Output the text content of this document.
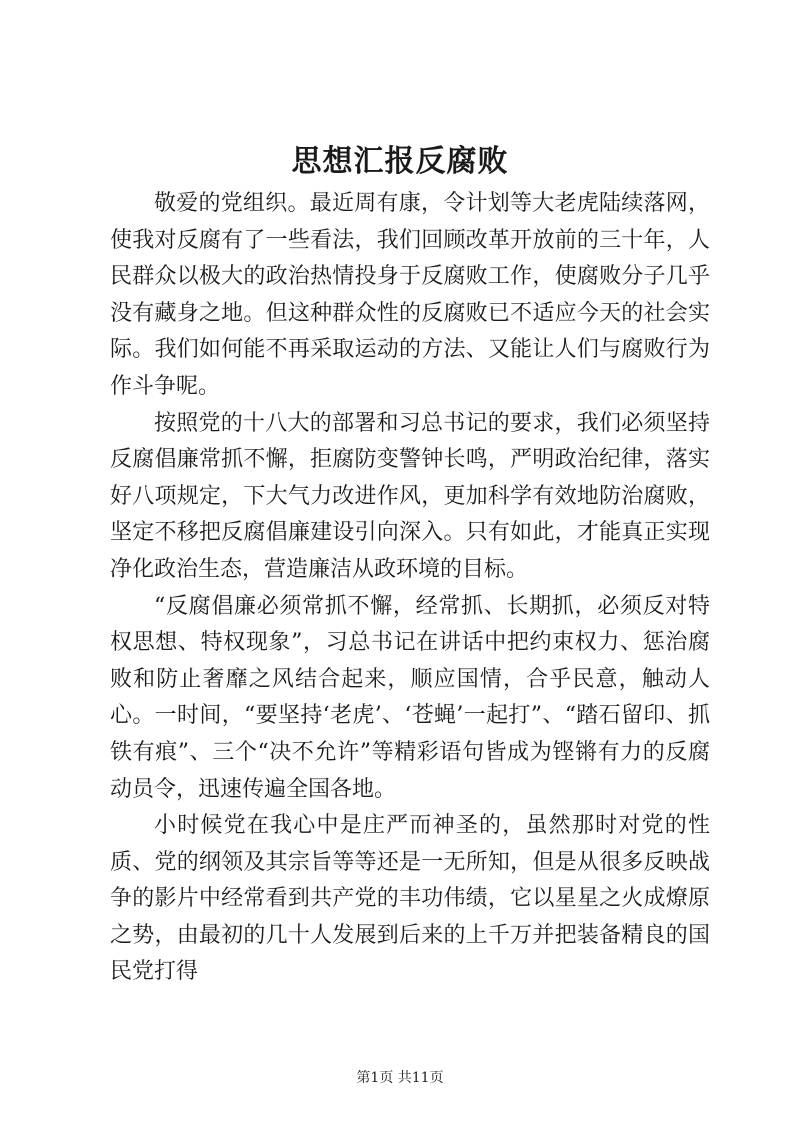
思想汇报反腐败

敬爱的党组织。最近周有康，令计划等大老虎陆续落网，使我对反腐有了一些看法，我们回顾改革开放前的三十年，人民群众以极大的政治热情投身于反腐败工作，使腐败分子几乎没有藏身之地。但这种群众性的反腐败已不适应今天的社会实际。我们如何能不再采取运动的方法、又能让人们与腐败行为作斗争呢。

按照党的十八大的部署和习总书记的要求，我们必须坚持反腐倡廉常抓不懈，拒腐防变警钟长鸣，严明政治纪律，落实好八项规定，下大气力改进作风，更加科学有效地防治腐败，坚定不移把反腐倡廉建设引向深入。只有如此，才能真正实现净化政治生态，营造廉洁从政环境的目标。

“反腐倡廉必须常抓不懈，经常抓、长期抓，必须反对特权思想、特权现象”，习总书记在讲话中把约束权力、惩治腐败和防止奢靡之风结合起来，顺应国情，合乎民意，触动人心。一时间，“要坚持‘老虎’、‘苍蝇’一起打”、“踏石留印、抓铁有痕”、三个“决不允许”等精彩语句皆成为铿锵有力的反腐动员令，迅速传遍全国各地。

小时候党在我心中是庄严而神圣的，虽然那时对党的性质、党的纲领及其宗旨等等还是一无所知，但是从很多反映战争的影片中经常看到共产党的丰功伟绩，它以星星之火成燎原之势，由最初的几十人发展到后来的上千万并把装备精良的国民党打得

第1页 共11页
